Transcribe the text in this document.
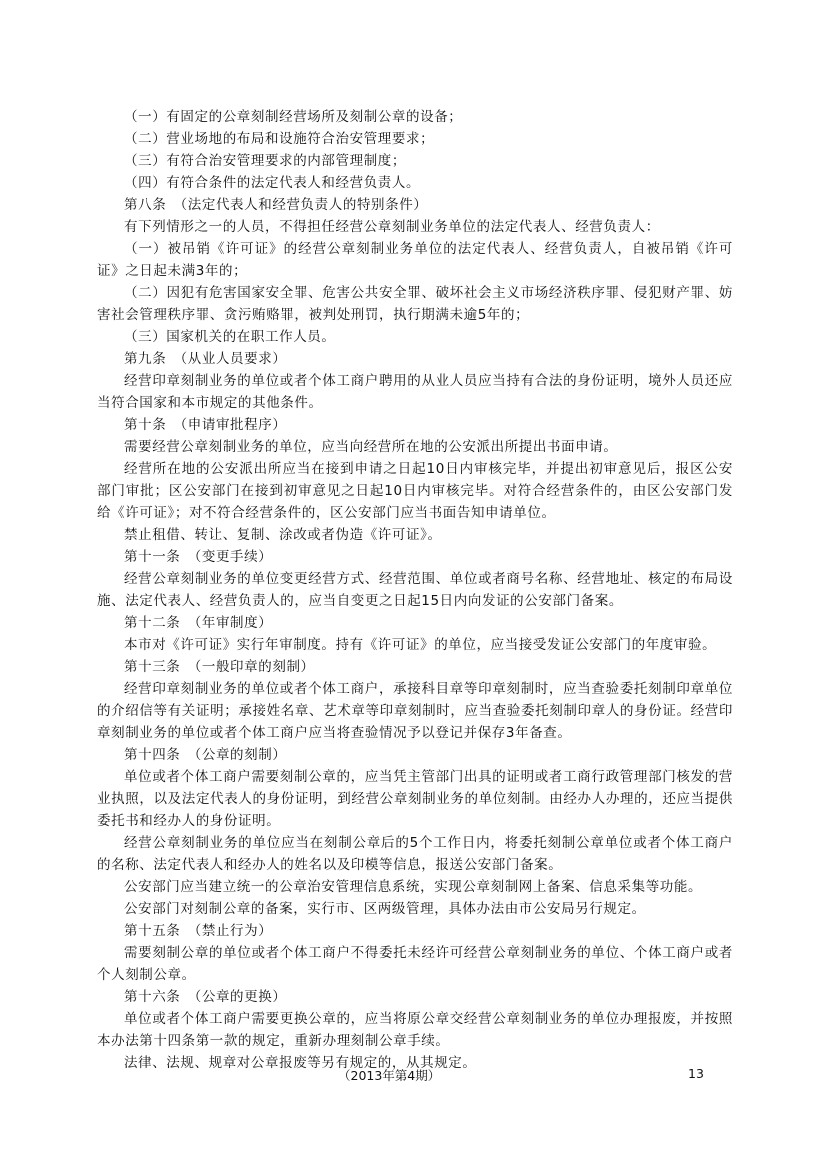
（一）有固定的公章刻制经营场所及刻制公章的设备；

（二）营业场地的布局和设施符合治安管理要求；

（三）有符合治安管理要求的内部管理制度；

（四）有符合条件的法定代表人和经营负责人。

第八条　（法定代表人和经营负责人的特别条件）

有下列情形之一的人员，不得担任经营公章刻制业务单位的法定代表人、经营负责人：

（一）被吊销《许可证》的经营公章刻制业务单位的法定代表人、经营负责人，自被吊销《许可证》之日起未满3年的；

（二）因犯有危害国家安全罪、危害公共安全罪、破坏社会主义市场经济秩序罪、侵犯财产罪、妨害社会管理秩序罪、贪污贿赂罪，被判处刑罚，执行期满未逾5年的；

（三）国家机关的在职工作人员。

第九条　（从业人员要求）

经营印章刻制业务的单位或者个体工商户聘用的从业人员应当持有合法的身份证明，境外人员还应当符合国家和本市规定的其他条件。

第十条　（申请审批程序）

需要经营公章刻制业务的单位，应当向经营所在地的公安派出所提出书面申请。

经营所在地的公安派出所应当在接到申请之日起10日内审核完毕，并提出初审意见后，报区公安部门审批；区公安部门在接到初审意见之日起10日内审核完毕。对符合经营条件的，由区公安部门发给《许可证》；对不符合经营条件的，区公安部门应当书面告知申请单位。

禁止租借、转让、复制、涂改或者伪造《许可证》。

第十一条　（变更手续）

经营公章刻制业务的单位变更经营方式、经营范围、单位或者商号名称、经营地址、核定的布局设施、法定代表人、经营负责人的，应当自变更之日起15日内向发证的公安部门备案。

第十二条　（年审制度）

本市对《许可证》实行年审制度。持有《许可证》的单位，应当接受发证公安部门的年度审验。

第十三条　（一般印章的刻制）

经营印章刻制业务的单位或者个体工商户，承接科目章等印章刻制时，应当查验委托刻制印章单位的介绍信等有关证明；承接姓名章、艺术章等印章刻制时，应当查验委托刻制印章人的身份证。经营印章刻制业务的单位或者个体工商户应当将查验情况予以登记并保存3年备查。

第十四条　（公章的刻制）

单位或者个体工商户需要刻制公章的，应当凭主管部门出具的证明或者工商行政管理部门核发的营业执照，以及法定代表人的身份证明，到经营公章刻制业务的单位刻制。由经办人办理的，还应当提供委托书和经办人的身份证明。

经营公章刻制业务的单位应当在刻制公章后的5个工作日内，将委托刻制公章单位或者个体工商户的名称、法定代表人和经办人的姓名以及印模等信息，报送公安部门备案。

公安部门应当建立统一的公章治安管理信息系统，实现公章刻制网上备案、信息采集等功能。

公安部门对刻制公章的备案，实行市、区两级管理，具体办法由市公安局另行规定。

第十五条　（禁止行为）

需要刻制公章的单位或者个体工商户不得委托未经许可经营公章刻制业务的单位、个体工商户或者个人刻制公章。

第十六条　（公章的更换）

单位或者个体工商户需要更换公章的，应当将原公章交经营公章刻制业务的单位办理报废，并按照本办法第十四条第一款的规定，重新办理刻制公章手续。

法律、法规、规章对公章报废等另有规定的，从其规定。

（2013年第4期）	13
